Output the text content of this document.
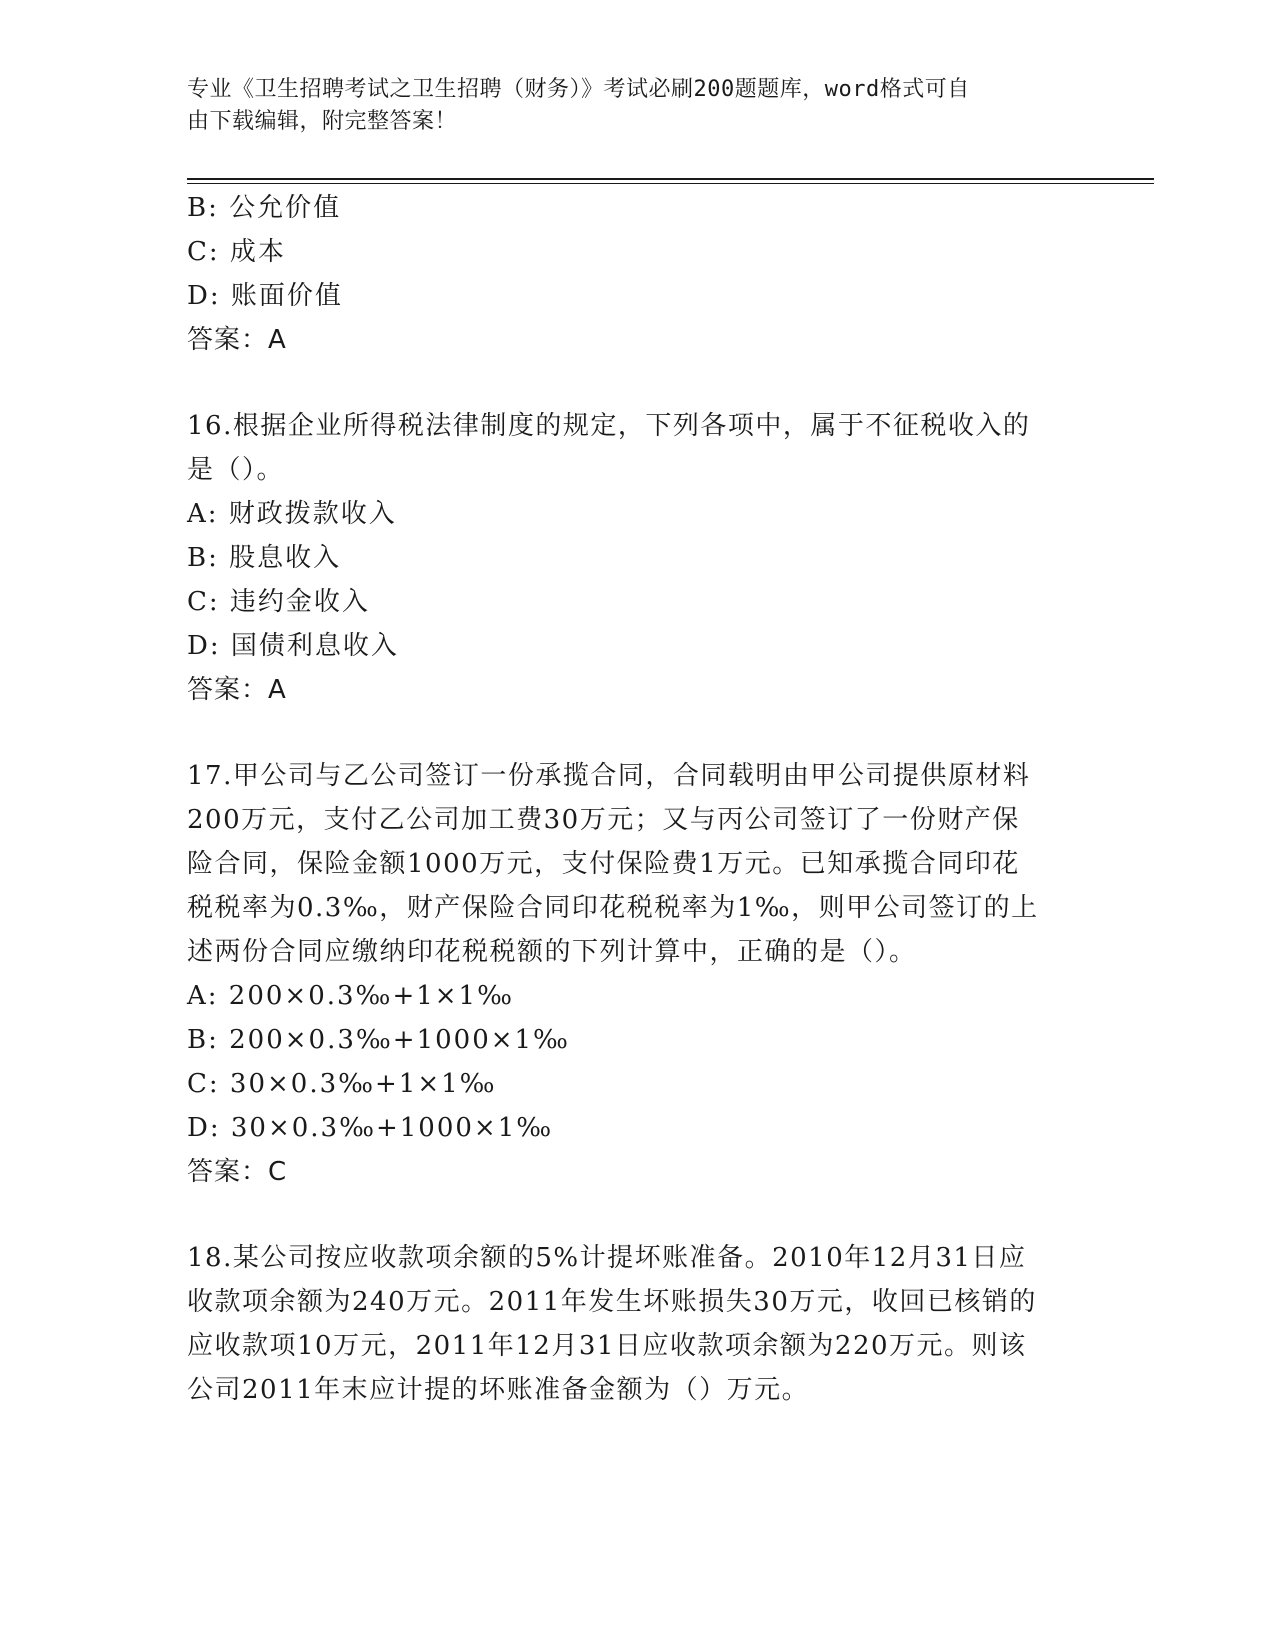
专业《卫生招聘考试之卫生招聘（财务）》考试必刷200题题库，word格式可自
由下载编辑，附完整答案！
B: 公允价值
C: 成本
D: 账面价值
答案：A
16.根据企业所得税法律制度的规定，下列各项中，属于不征税收入的
是（）。
A: 财政拨款收入
B: 股息收入
C: 违约金收入
D: 国债利息收入
答案：A
17.甲公司与乙公司签订一份承揽合同，合同载明由甲公司提供原材料
200万元，支付乙公司加工费30万元；又与丙公司签订了一份财产保
险合同，保险金额1000万元，支付保险费1万元。已知承揽合同印花
税税率为0.3‰，财产保险合同印花税税率为1‰，则甲公司签订的上
述两份合同应缴纳印花税税额的下列计算中，正确的是（）。
A: 200×0.3‰+1×1‰
B: 200×0.3‰+1000×1‰
C: 30×0.3‰+1×1‰
D: 30×0.3‰+1000×1‰
答案：C
18.某公司按应收款项余额的5%计提坏账准备。2010年12月31日应
收款项余额为240万元。2011年发生坏账损失30万元，收回已核销的
应收款项10万元，2011年12月31日应收款项余额为220万元。则该
公司2011年末应计提的坏账准备金额为（）万元。
